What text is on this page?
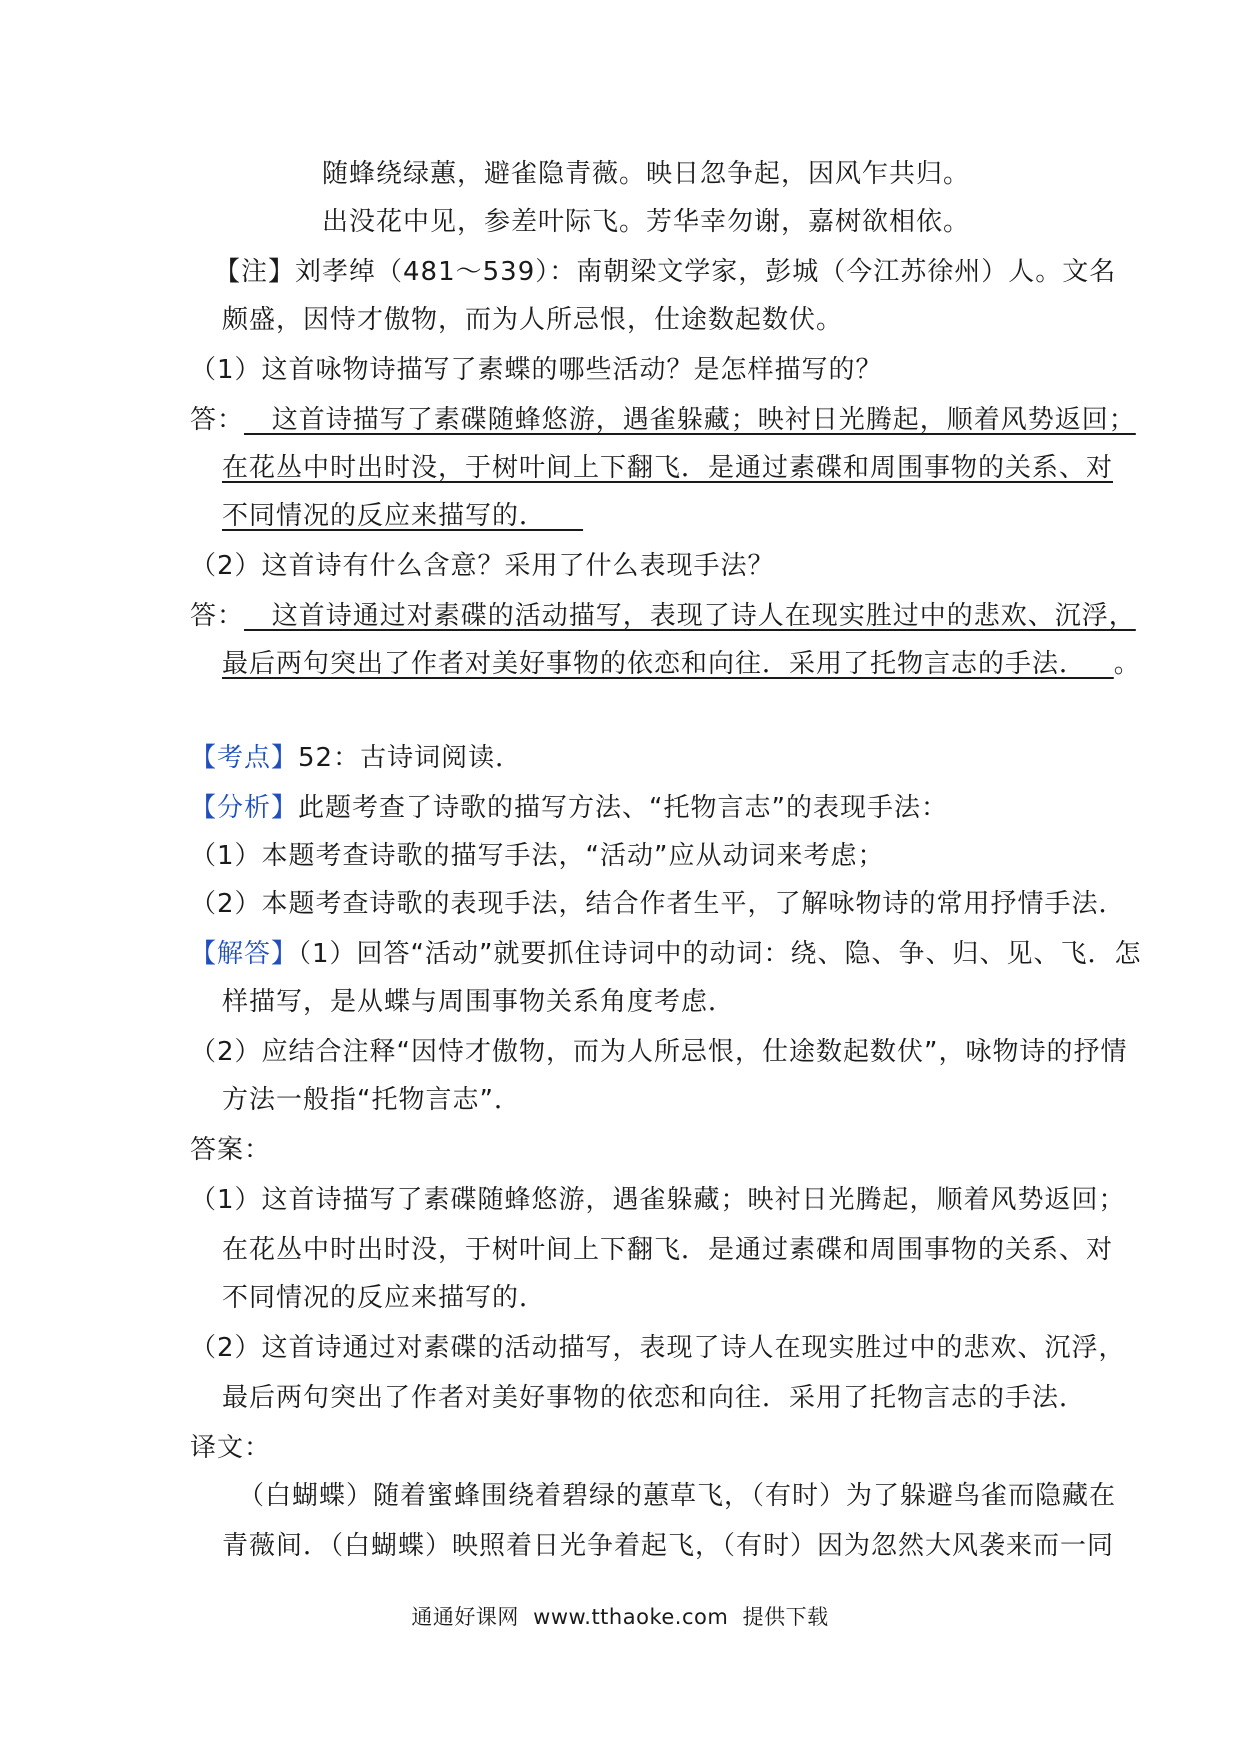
随蜂绕绿蕙，避雀隐青薇。映日忽争起，因风乍共归。
出没花中见，参差叶际飞。芳华幸勿谢，嘉树欲相依。
【注】刘孝绰（481～539）：南朝梁文学家，彭城（今江苏徐州）人。文名
颇盛，因恃才傲物，而为人所忌恨，仕途数起数伏。
（1）这首咏物诗描写了素蝶的哪些活动？是怎样描写的？
答：   这首诗描写了素碟随蜂悠游，遇雀躲藏；映衬日光腾起，顺着风势返回；
在花丛中时出时没，于树叶间上下翻飞．是通过素碟和周围事物的关系、对
不同情况的反应来描写的．
（2）这首诗有什么含意？采用了什么表现手法？
答：   这首诗通过对素碟的活动描写，表现了诗人在现实胜过中的悲欢、沉浮，
最后两句突出了作者对美好事物的依恋和向往．采用了托物言志的手法．   。
【考点】52：古诗词阅读．
【分析】此题考查了诗歌的描写方法、“托物言志”的表现手法：
（1）本题考查诗歌的描写手法，“活动”应从动词来考虑；
（2）本题考查诗歌的表现手法，结合作者生平，了解咏物诗的常用抒情手法．
【解答】（1）回答“活动”就要抓住诗词中的动词：绕、隐、争、归、见、飞．怎
样描写，是从蝶与周围事物关系角度考虑．
（2）应结合注释“因恃才傲物，而为人所忌恨，仕途数起数伏”，咏物诗的抒情
方法一般指“托物言志”．
答案：
（1）这首诗描写了素碟随蜂悠游，遇雀躲藏；映衬日光腾起，顺着风势返回；
在花丛中时出时没，于树叶间上下翻飞．是通过素碟和周围事物的关系、对
不同情况的反应来描写的．
（2）这首诗通过对素碟的活动描写，表现了诗人在现实胜过中的悲欢、沉浮，
最后两句突出了作者对美好事物的依恋和向往．采用了托物言志的手法．
译文：
（白蝴蝶）随着蜜蜂围绕着碧绿的蕙草飞，（有时）为了躲避鸟雀而隐藏在
青薇间．（白蝴蝶）映照着日光争着起飞，（有时）因为忽然大风袭来而一同
通通好课网  www.tthaoke.com  提供下载
